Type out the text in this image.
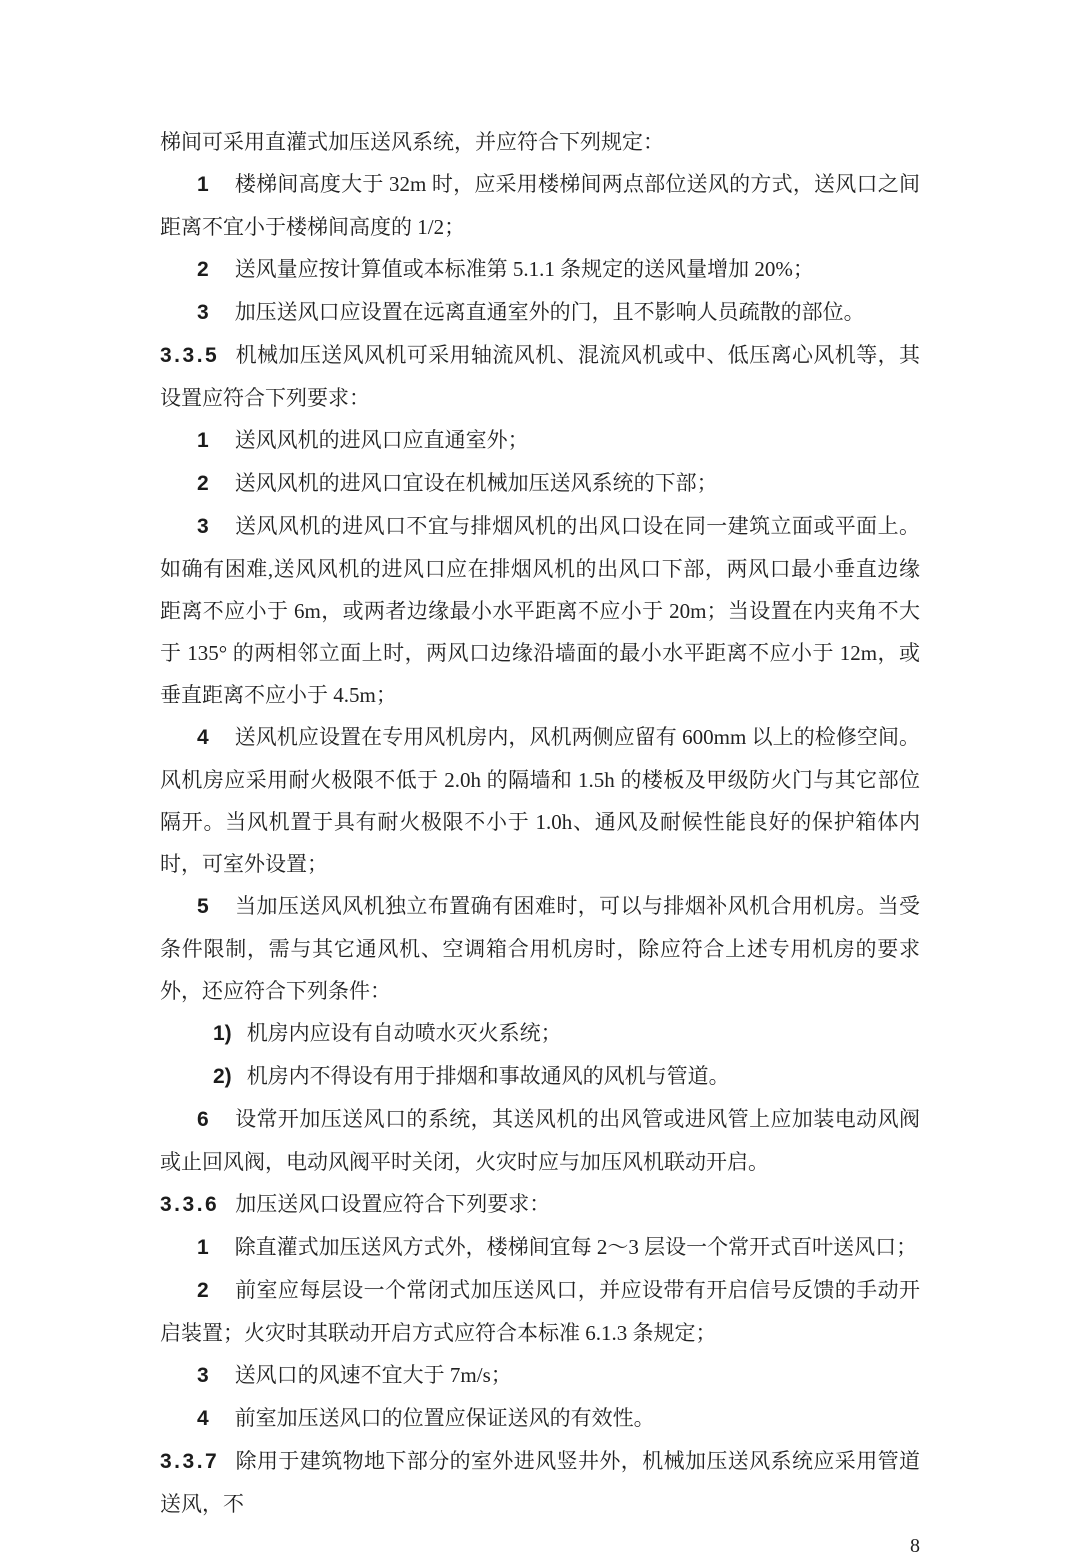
梯间可采用直灌式加压送风系统，并应符合下列规定：

1 楼梯间高度大于 32m 时，应采用楼梯间两点部位送风的方式，送风口之间距离不宜小于楼梯间高度的 1/2；

2 送风量应按计算值或本标准第 5.1.1 条规定的送风量增加 20%；

3 加压送风口应设置在远离直通室外的门，且不影响人员疏散的部位。

3.3.5 机械加压送风风机可采用轴流风机、混流风机或中、低压离心风机等，其设置应符合下列要求：

1 送风风机的进风口应直通室外；

2 送风风机的进风口宜设在机械加压送风系统的下部；

3 送风风机的进风口不宜与排烟风机的出风口设在同一建筑立面或平面上。如确有困难,送风风机的进风口应在排烟风机的出风口下部，两风口最小垂直边缘距离不应小于 6m，或两者边缘最小水平距离不应小于 20m；当设置在内夹角不大于 135° 的两相邻立面上时，两风口边缘沿墙面的最小水平距离不应小于 12m，或垂直距离不应小于 4.5m；

4 送风机应设置在专用风机房内，风机两侧应留有 600mm 以上的检修空间。风机房应采用耐火极限不低于 2.0h 的隔墙和 1.5h 的楼板及甲级防火门与其它部位隔开。当风机置于具有耐火极限不小于 1.0h、通风及耐候性能良好的保护箱体内时，可室外设置；

5 当加压送风风机独立布置确有困难时，可以与排烟补风机合用机房。当受条件限制，需与其它通风机、空调箱合用机房时，除应符合上述专用机房的要求外，还应符合下列条件：

1) 机房内应设有自动喷水灭火系统；

2) 机房内不得设有用于排烟和事故通风的风机与管道。

6 设常开加压送风口的系统，其送风机的出风管或进风管上应加装电动风阀或止回风阀，电动风阀平时关闭，火灾时应与加压风机联动开启。

3.3.6 加压送风口设置应符合下列要求：

1 除直灌式加压送风方式外，楼梯间宜每 2～3 层设一个常开式百叶送风口；

2 前室应每层设一个常闭式加压送风口，并应设带有开启信号反馈的手动开启装置；火灾时其联动开启方式应符合本标准 6.1.3 条规定；

3 送风口的风速不宜大于 7m/s；

4 前室加压送风口的位置应保证送风的有效性。

3.3.7 除用于建筑物地下部分的室外进风竖井外，机械加压送风系统应采用管道送风，不

8
